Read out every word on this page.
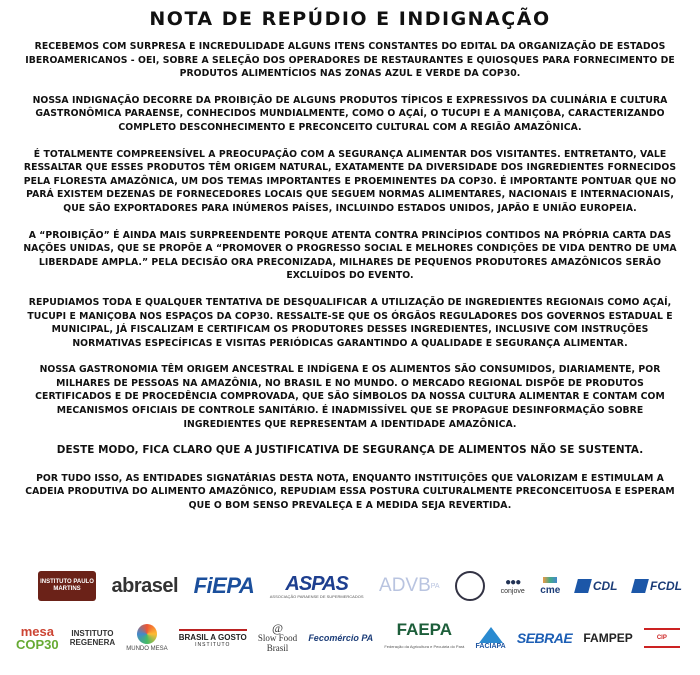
NOTA DE REPÚDIO E INDIGNAÇÃO

RECEBEMOS COM SURPRESA E INCREDULIDADE ALGUNS ITENS CONSTANTES DO EDITAL DA ORGANIZAÇÃO DE ESTADOS IBEROAMERICANOS - OEI, SOBRE A SELEÇÃO DOS OPERADORES DE RESTAURANTES E QUIOSQUES PARA FORNECIMENTO DE PRODUTOS ALIMENTÍCIOS NAS ZONAS AZUL E VERDE DA COP30.

NOSSA INDIGNAÇÃO DECORRE DA PROIBIÇÃO DE ALGUNS PRODUTOS TÍPICOS E EXPRESSIVOS DA CULINÁRIA E CULTURA GASTRONÔMICA PARAENSE, CONHECIDOS MUNDIALMENTE, COMO O AÇAÍ, O TUCUPI E A MANIÇOBA, CARACTERIZANDO COMPLETO DESCONHECIMENTO E PRECONCEITO CULTURAL COM A REGIÃO AMAZÔNICA.

É TOTALMENTE COMPREENSÍVEL A PREOCUPAÇÃO COM A SEGURANÇA ALIMENTAR DOS VISITANTES. ENTRETANTO, VALE RESSALTAR QUE ESSES PRODUTOS TÊM ORIGEM NATURAL, EXATAMENTE DA DIVERSIDADE DOS INGREDIENTES FORNECIDOS PELA FLORESTA AMAZÔNICA, UM DOS TEMAS IMPORTANTES E PROEMINENTES DA COP30. É IMPORTANTE PONTUAR QUE NO PARÁ EXISTEM DEZENAS DE FORNECEDORES LOCAIS QUE SEGUEM NORMAS ALIMENTARES, NACIONAIS E INTERNACIONAIS, QUE SÃO EXPORTADORES PARA INÚMEROS PAÍSES, INCLUINDO ESTADOS UNIDOS, JAPÃO E UNIÃO EUROPEIA.

A “PROIBIÇÃO” É AINDA MAIS SURPREENDENTE PORQUE ATENTA CONTRA PRINCÍPIOS CONTIDOS NA PRÓPRIA CARTA DAS NAÇÕES UNIDAS, QUE SE PROPÕE A “PROMOVER O PROGRESSO SOCIAL E MELHORES CONDIÇÕES DE VIDA DENTRO DE UMA LIBERDADE AMPLA.” PELA DECISÃO ORA PRECONIZADA, MILHARES DE PEQUENOS PRODUTORES AMAZÔNICOS SERÃO EXCLUÍDOS DO EVENTO.

REPUDIAMOS TODA E QUALQUER TENTATIVA DE DESQUALIFICAR A UTILIZAÇÃO DE INGREDIENTES REGIONAIS COMO AÇAÍ, TUCUPI E MANIÇOBA NOS ESPAÇOS DA COP30. RESSALTE-SE QUE OS ÓRGÃOS REGULADORES DOS GOVERNOS ESTADUAL E MUNICIPAL, JÁ FISCALIZAM E CERTIFICAM OS PRODUTORES DESSES INGREDIENTES, INCLUSIVE COM INSTRUÇÕES NORMATIVAS ESPECÍFICAS E VISITAS PERIÓDICAS GARANTINDO A QUALIDADE E SEGURANÇA ALIMENTAR.

NOSSA GASTRONOMIA TÊM ORIGEM ANCESTRAL E INDÍGENA E OS ALIMENTOS SÃO CONSUMIDOS, DIARIAMENTE, POR MILHARES DE PESSOAS NA AMAZÔNIA, NO BRASIL E NO MUNDO. O MERCADO REGIONAL DISPÕE DE PRODUTOS CERTIFICADOS E DE PROCEDÊNCIA COMPROVADA, QUE SÃO SÍMBOLOS DA NOSSA CULTURA ALIMENTAR E CONTAM COM MECANISMOS OFICIAIS DE CONTROLE SANITÁRIO. É INADMISSÍVEL QUE SE PROPAGUE DESINFORMAÇÃO SOBRE INGREDIENTES QUE REPRESENTAM A IDENTIDADE AMAZÔNICA.

DESTE MODO, FICA CLARO QUE A JUSTIFICATIVA DE SEGURANÇA DE ALIMENTOS NÃO SE SUSTENTA.

POR TUDO ISSO, AS ENTIDADES SIGNATÁRIAS DESTA NOTA, ENQUANTO INSTITUIÇÕES QUE VALORIZAM E ESTIMULAM A CADEIA PRODUTIVA DO ALIMENTO AMAZÔNICO, REPUDIAM ESSA POSTURA CULTURALMENTE PRECONCEITUOSA E ESPERAM QUE O BOM SENSO PREVALEÇA E A MEDIDA SEJA REVERTIDA.

INSTITUTO PAULO MARTINS	abrasel FiEPA ASPAS
ASSOCIAÇÃO PARAENSE DE SUPERMERCADOS ADVB PA	●●●
conjove cme	CDL	FCDL
mesa
COP30
INSTITUTO
REGENERA
MUNDO MESA
BRASIL A GOSTO
INSTITUTO
@
Slow Food
Brasil
Fecomércio PA FAEPA
Federação da Agricultura e Pecuária do Pará FACIAPA SEBRAE FAMPEP	CIP
